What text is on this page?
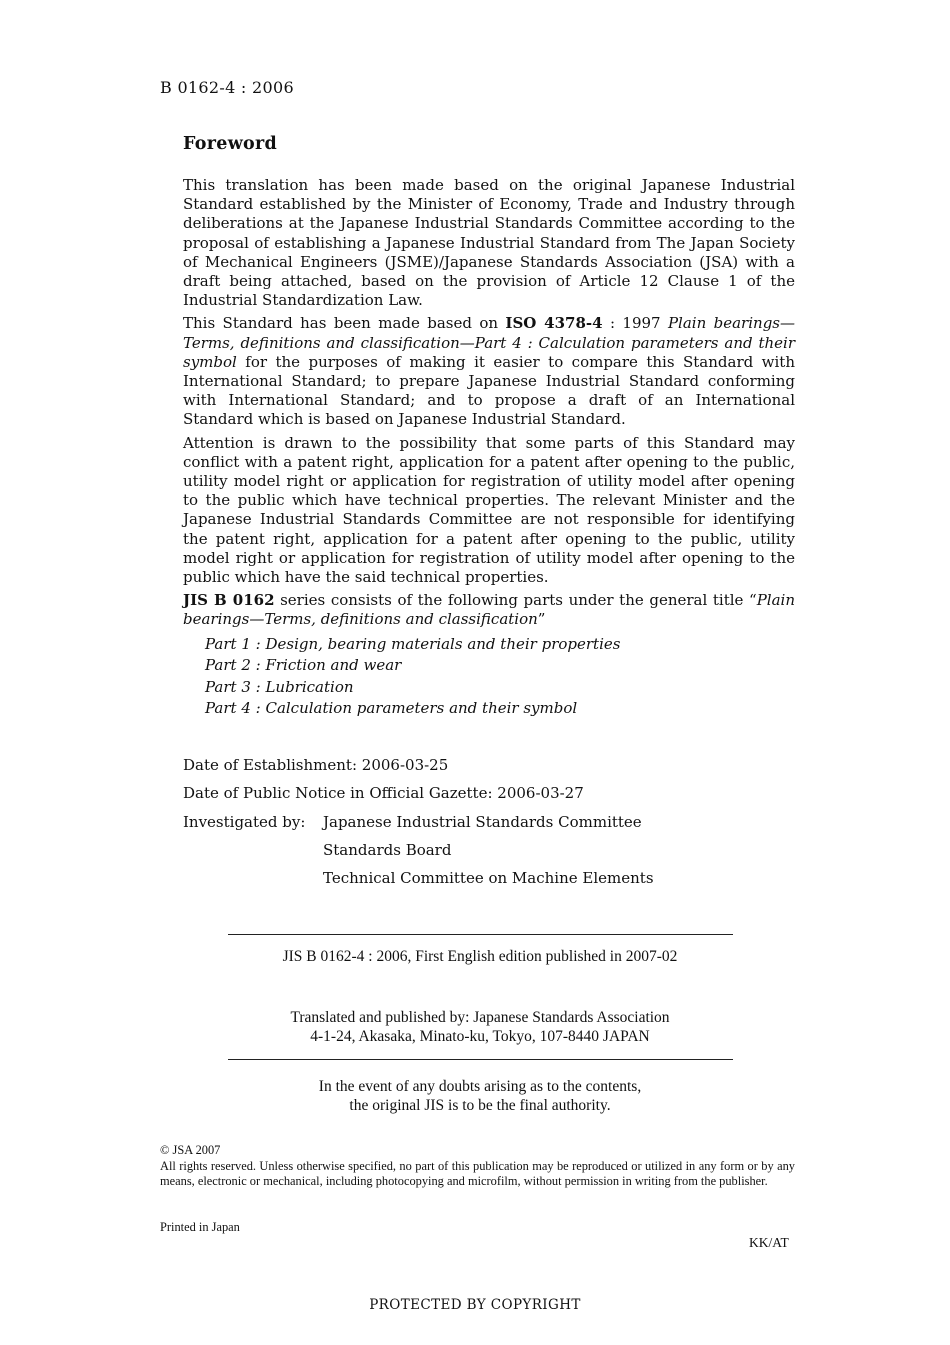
B 0162-4 : 2006
Foreword

This translation has been made based on the original Japanese Industrial Standard established by the Minister of Economy, Trade and Industry through deliberations at the Japanese Industrial Standards Committee according to the proposal of establishing a Japanese Industrial Standard from The Japan Society of Mechanical Engineers (JSME)/Japanese Standards Association (JSA) with a draft being attached, based on the provision of Article 12 Clause 1 of the Industrial Standardization Law.

This Standard has been made based on ISO 4378-4 : 1997 Plain bearings—Terms, definitions and classification—Part 4 : Calculation parameters and their symbol for the purposes of making it easier to compare this Standard with International Standard; to prepare Japanese Industrial Standard conforming with International Standard; and to propose a draft of an International Standard which is based on Japanese Industrial Standard.

Attention is drawn to the possibility that some parts of this Standard may conflict with a patent right, application for a patent after opening to the public, utility model right or application for registration of utility model after opening to the public which have technical properties. The relevant Minister and the Japanese Industrial Standards Committee are not responsible for identifying the patent right, application for a patent after opening to the public, utility model right or application for registration of utility model after opening to the public which have the said technical properties.

JIS B 0162 series consists of the following parts under the general title “Plain bearings—Terms, definitions and classification”

Part 1 : Design, bearing materials and their properties
Part 2 : Friction and wear
Part 3 : Lubrication
Part 4 : Calculation parameters and their symbol
Date of Establishment: 2006-03-25
Date of Public Notice in Official Gazette: 2006-03-27
Investigated by: Japanese Industrial Standards Committee
Standards Board
Technical Committee on Machine Elements
JIS B 0162-4 : 2006, First English edition published in 2007-02
Translated and published by: Japanese Standards Association
4-1-24, Akasaka, Minato-ku, Tokyo, 107-8440 JAPAN
In the event of any doubts arising as to the contents,
the original JIS is to be the final authority.
© JSA 2007
All rights reserved. Unless otherwise specified, no part of this publication may be reproduced or utilized in any form or by any means, electronic or mechanical, including photocopying and microfilm, without permission in writing from the publisher.
Printed in Japan
KK/AT
PROTECTED BY COPYRIGHT
